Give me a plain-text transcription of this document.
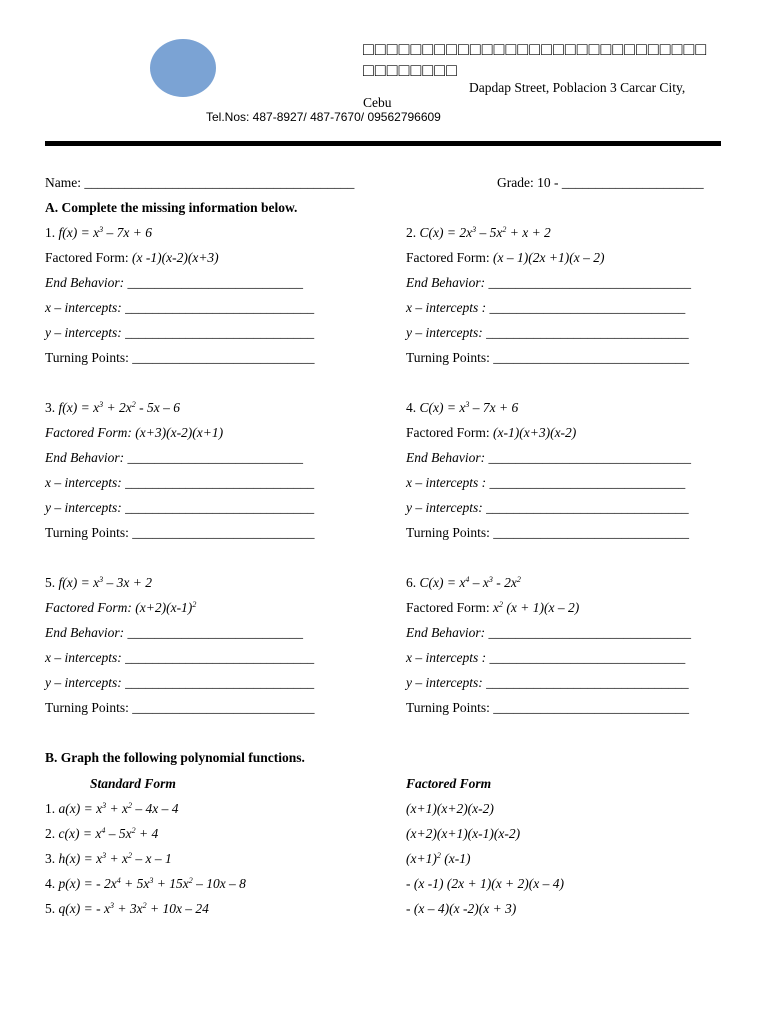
□□□□□□□□□□□□□□□□□□□□□□□□□□□□□□□□□□□□□
Dapdap Street, Poblacion 3 Carcar City,
Cebu
Tel.Nos: 487-8927/ 487-7670/ 09562796609
Name: ________________________________________	Grade: 10 - _____________________
A. Complete the missing information below.
1. $f(x) = x^3 - 7x + 6$
Factored Form: (x -1)(x-2)(x+3)
End Behavior: __________________________
x – intercepts: ____________________________
y – intercepts: ____________________________
Turning Points: ___________________________
2. $C(x) = 2x^3 - 5x^2 + x + 2$
Factored Form: (x – 1)(2x +1)(x – 2)
End Behavior: ______________________________
x – intercepts : _____________________________
y – intercepts: ______________________________
Turning Points: _____________________________
3. $f(x) = x^3 + 2x^2 - 5x - 6$
Factored Form: (x+3)(x-2)(x+1)
End Behavior: __________________________
x – intercepts: ____________________________
y – intercepts: ____________________________
Turning Points: ___________________________
4. $C(x) = x^3 - 7x + 6$
Factored Form: (x-1)(x+3)(x-2)
End Behavior: ______________________________
x – intercepts : _____________________________
y – intercepts: ______________________________
Turning Points: _____________________________
5. $f(x) = x^3 - 3x + 2$
Factored Form: $(x+2)(x-1)^2$
End Behavior: __________________________
x – intercepts: ____________________________
y – intercepts: ____________________________
Turning Points: ___________________________
6. $C(x) = x^4 - x^3 - 2x^2$
Factored Form: $x^2$ (x + 1)(x – 2)
End Behavior: ______________________________
x – intercepts : _____________________________
y – intercepts: ______________________________
Turning Points: _____________________________
B. Graph the following polynomial functions.
Standard Form	Factored Form
1. $a(x) = x^3 + x^2 - 4x - 4$	(x+1)(x+2)(x-2)
2. $c(x) = x^4 - 5x^2 + 4$	(x+2)(x+1)(x-1)(x-2)
3. $h(x) = x^3 + x^2 - x - 1$	$(x+1)^2$ (x-1)
4. p(x) = - $2x^4 + 5x^3 + 15x^2 - 10x - 8$	- (x -1) (2x + 1)(x + 2)(x – 4)
5. q(x) = - $x^3 + 3x^2 + 10x - 24$	- (x – 4)(x -2)(x + 3)
